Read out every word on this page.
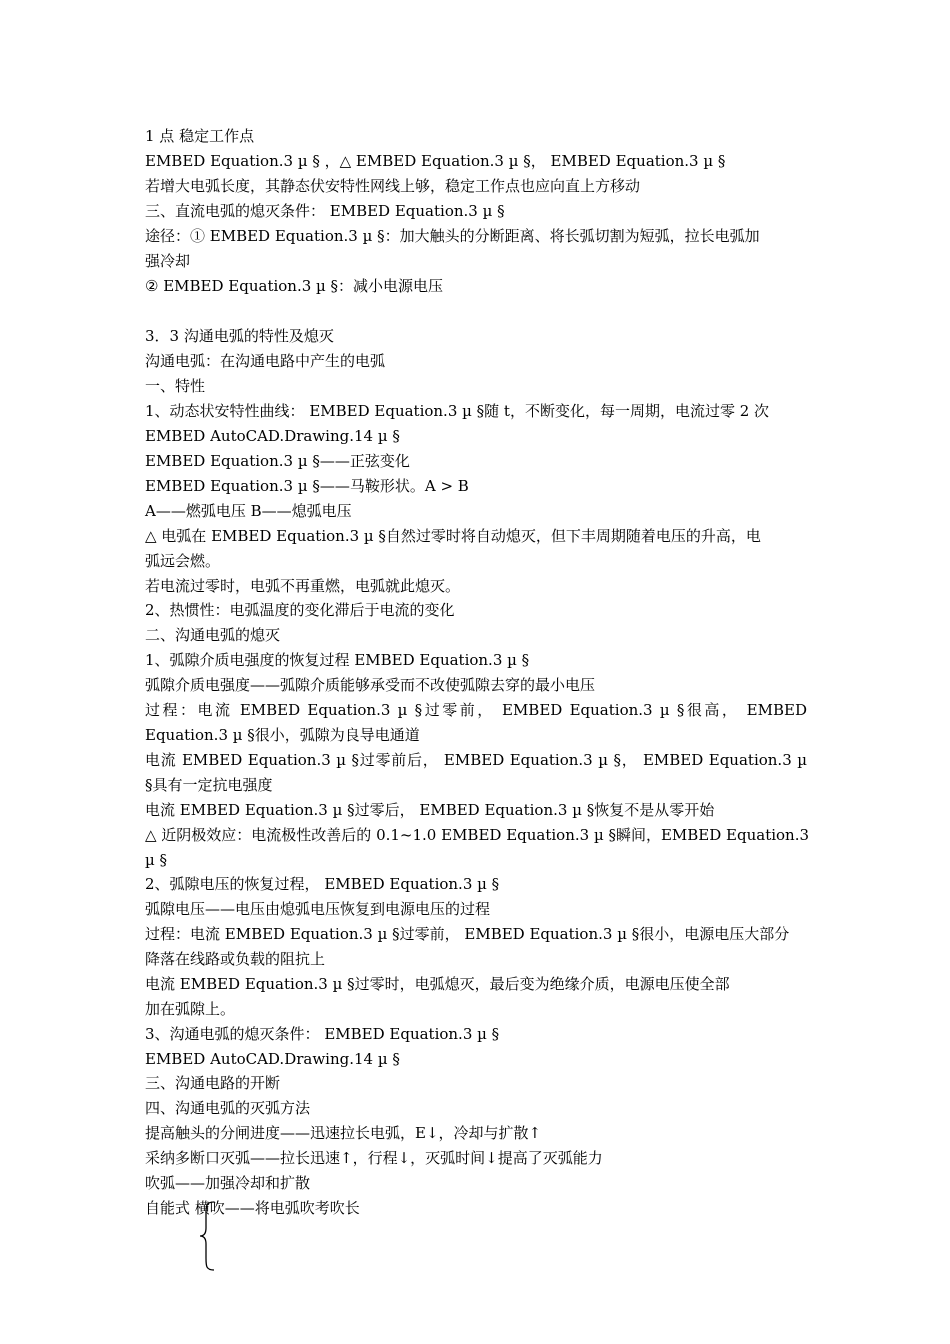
1 点 稳定工作点
EMBED Equation.3 µ § ，△ EMBED Equation.3 µ §， EMBED Equation.3 µ §
若增大电弧长度，其静态伏安特性网线上够，稳定工作点也应向直上方移动
三、直流电弧的熄灭条件： EMBED Equation.3 µ §
途径：① EMBED Equation.3 µ §：加大触头的分断距离、将长弧切割为短弧，拉长电弧加
强冷却
② EMBED Equation.3 µ §：减小电源电压
3．3 沟通电弧的特性及熄灭
沟通电弧：在沟通电路中产生的电弧
一、特性
1、动态状安特性曲线： EMBED Equation.3 µ §随 t，不断变化，每一周期，电流过零 2 次
EMBED AutoCAD.Drawing.14 µ §
EMBED Equation.3 µ §——正弦变化
EMBED Equation.3 µ §——马鞍形状。A > B
A——燃弧电压 B——熄弧电压
△ 电弧在 EMBED Equation.3 µ §自然过零时将自动熄灭，但下丰周期随着电压的升高，电
弧远会燃。
若电流过零时，电弧不再重燃，电弧就此熄灭。
2、热惯性：电弧温度的变化滞后于电流的变化
二、沟通电弧的熄灭
1、弧隙介质电强度的恢复过程 EMBED Equation.3 µ §
弧隙介质电强度——弧隙介质能够承受而不改使弧隙去穿的最小电压
过程：电流 EMBED Equation.3 µ §过零前， EMBED Equation.3 µ §很高， EMBED
Equation.3 µ §很小，弧隙为良导电通道
电流 EMBED Equation.3 µ §过零前后， EMBED Equation.3 µ §， EMBED Equation.3 µ
§具有一定抗电强度
电流 EMBED Equation.3 µ §过零后， EMBED Equation.3 µ §恢复不是从零开始
△ 近阴极效应：电流极性改善后的 0.1~1.0 EMBED Equation.3 µ §瞬间，EMBED Equation.3
µ §
2、弧隙电压的恢复过程， EMBED Equation.3 µ §
弧隙电压——电压由熄弧电压恢复到电源电压的过程
过程：电流 EMBED Equation.3 µ §过零前， EMBED Equation.3 µ §很小，电源电压大部分
降落在线路或负载的阻抗上
电流 EMBED Equation.3 µ §过零时，电弧熄灭，最后变为绝缘介质，电源电压使全部
加在弧隙上。
3、沟通电弧的熄灭条件： EMBED Equation.3 µ §
EMBED AutoCAD.Drawing.14 µ §
三、沟通电路的开断
四、沟通电弧的灭弧方法
提高触头的分闸进度——迅速拉长电弧，E↓，冷却与扩散↑
采纳多断口灭弧——拉长迅速↑，行程↓，灭弧时间↓提高了灭弧能力
吹弧——加强冷却和扩散
自能式 横吹——将电弧吹考吹长
